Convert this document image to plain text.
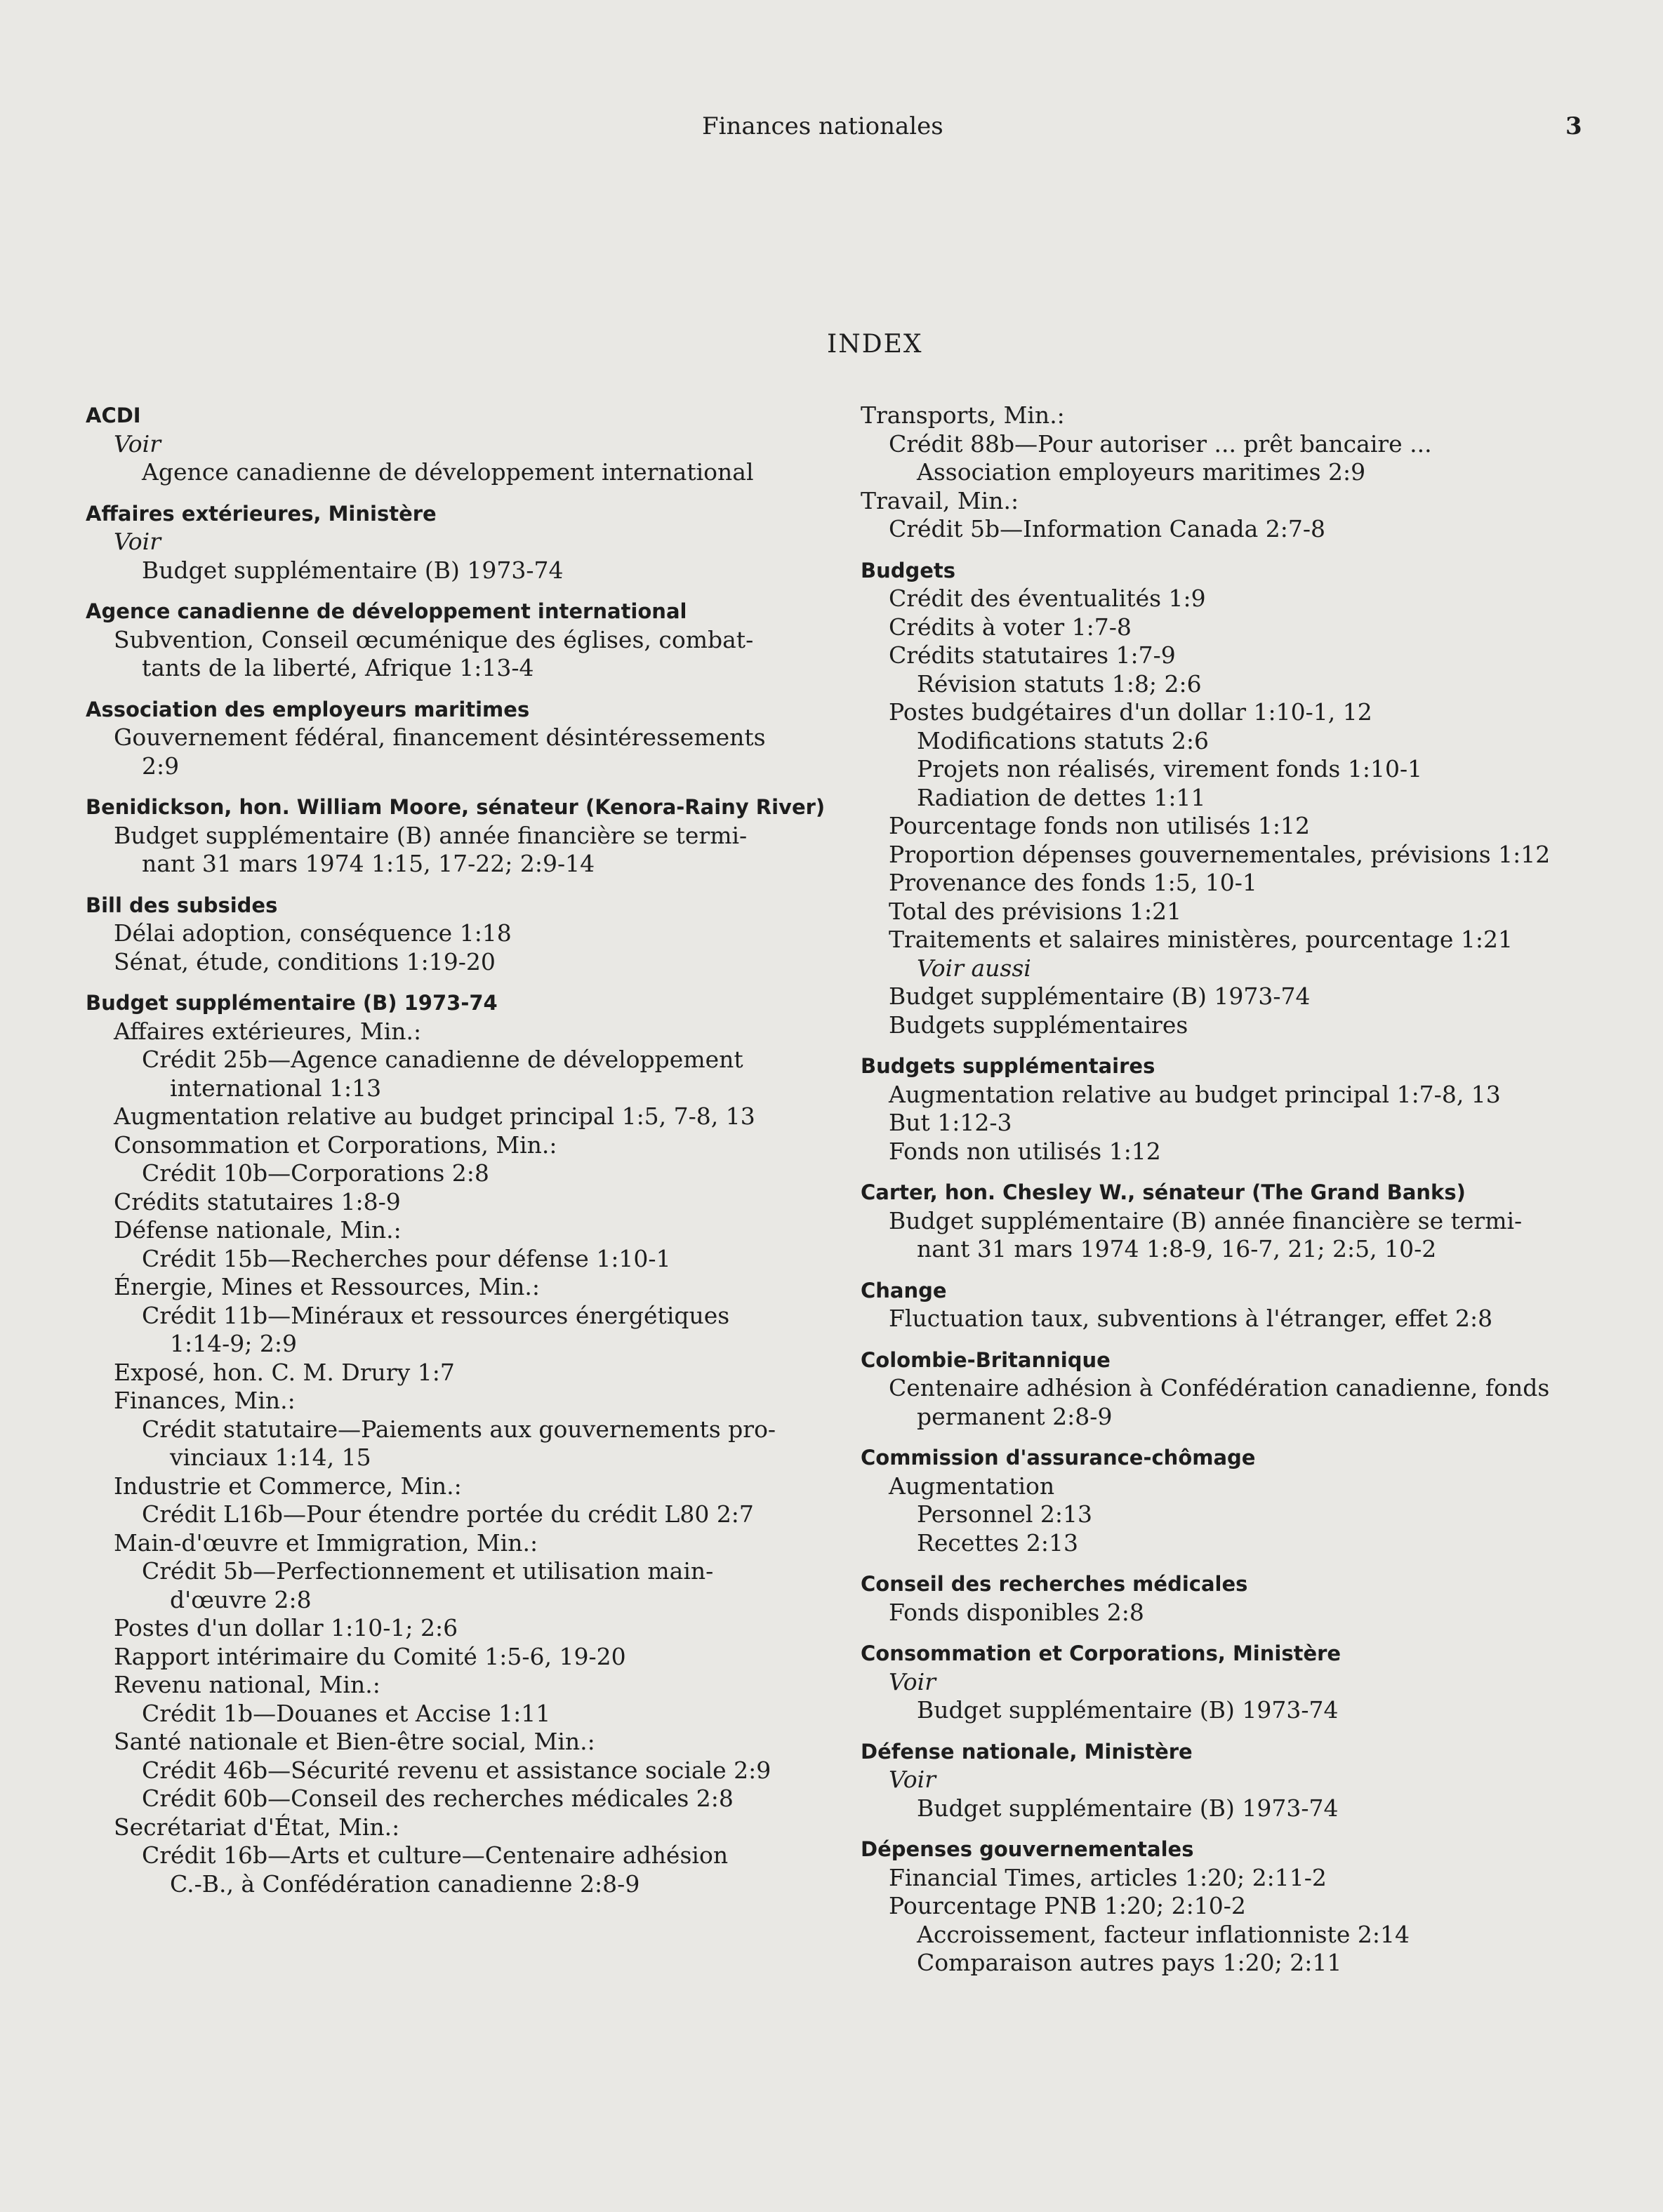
Finances nationales	3
INDEX
ACDI
Voir
Agence canadienne de développement international
Affaires extérieures, Ministère
Voir
Budget supplémentaire (B) 1973-74
Agence canadienne de développement international
Subvention, Conseil œcuménique des églises, combat-
tants de la liberté, Afrique 1:13-4
Association des employeurs maritimes
Gouvernement fédéral, financement désintéressements
2:9
Benidickson, hon. William Moore, sénateur (Kenora-Rainy River)
Budget supplémentaire (B) année financière se termi-
nant 31 mars 1974 1:15, 17-22; 2:9-14
Bill des subsides
Délai adoption, conséquence 1:18
Sénat, étude, conditions 1:19-20
Budget supplémentaire (B) 1973-74
Affaires extérieures, Min.:
Crédit 25b—Agence canadienne de développement
international 1:13
Augmentation relative au budget principal 1:5, 7-8, 13
Consommation et Corporations, Min.:
Crédit 10b—Corporations 2:8
Crédits statutaires 1:8-9
Défense nationale, Min.:
Crédit 15b—Recherches pour défense 1:10-1
Énergie, Mines et Ressources, Min.:
Crédit 11b—Minéraux et ressources énergétiques
1:14-9; 2:9
Exposé, hon. C. M. Drury 1:7
Finances, Min.:
Crédit statutaire—Paiements aux gouvernements pro-
vinciaux 1:14, 15
Industrie et Commerce, Min.:
Crédit L16b—Pour étendre portée du crédit L80 2:7
Main-d'œuvre et Immigration, Min.:
Crédit 5b—Perfectionnement et utilisation main-
d'œuvre 2:8
Postes d'un dollar 1:10-1; 2:6
Rapport intérimaire du Comité 1:5-6, 19-20
Revenu national, Min.:
Crédit 1b—Douanes et Accise 1:11
Santé nationale et Bien-être social, Min.:
Crédit 46b—Sécurité revenu et assistance sociale 2:9
Crédit 60b—Conseil des recherches médicales 2:8
Secrétariat d'État, Min.:
Crédit 16b—Arts et culture—Centenaire adhésion
C.-B., à Confédération canadienne 2:8-9
Transports, Min.:
Crédit 88b—Pour autoriser ... prêt bancaire ...
Association employeurs maritimes 2:9
Travail, Min.:
Crédit 5b—Information Canada 2:7-8
Budgets
Crédit des éventualités 1:9
Crédits à voter 1:7-8
Crédits statutaires 1:7-9
Révision statuts 1:8; 2:6
Postes budgétaires d'un dollar 1:10-1, 12
Modifications statuts 2:6
Projets non réalisés, virement fonds 1:10-1
Radiation de dettes 1:11
Pourcentage fonds non utilisés 1:12
Proportion dépenses gouvernementales, prévisions 1:12
Provenance des fonds 1:5, 10-1
Total des prévisions 1:21
Traitements et salaires ministères, pourcentage 1:21
Voir aussi
Budget supplémentaire (B) 1973-74
Budgets supplémentaires
Budgets supplémentaires
Augmentation relative au budget principal 1:7-8, 13
But 1:12-3
Fonds non utilisés 1:12
Carter, hon. Chesley W., sénateur (The Grand Banks)
Budget supplémentaire (B) année financière se termi-
nant 31 mars 1974 1:8-9, 16-7, 21; 2:5, 10-2
Change
Fluctuation taux, subventions à l'étranger, effet 2:8
Colombie-Britannique
Centenaire adhésion à Confédération canadienne, fonds
permanent 2:8-9
Commission d'assurance-chômage
Augmentation
Personnel 2:13
Recettes 2:13
Conseil des recherches médicales
Fonds disponibles 2:8
Consommation et Corporations, Ministère
Voir
Budget supplémentaire (B) 1973-74
Défense nationale, Ministère
Voir
Budget supplémentaire (B) 1973-74
Dépenses gouvernementales
Financial Times, articles 1:20; 2:11-2
Pourcentage PNB 1:20; 2:10-2
Accroissement, facteur inflationniste 2:14
Comparaison autres pays 1:20; 2:11
